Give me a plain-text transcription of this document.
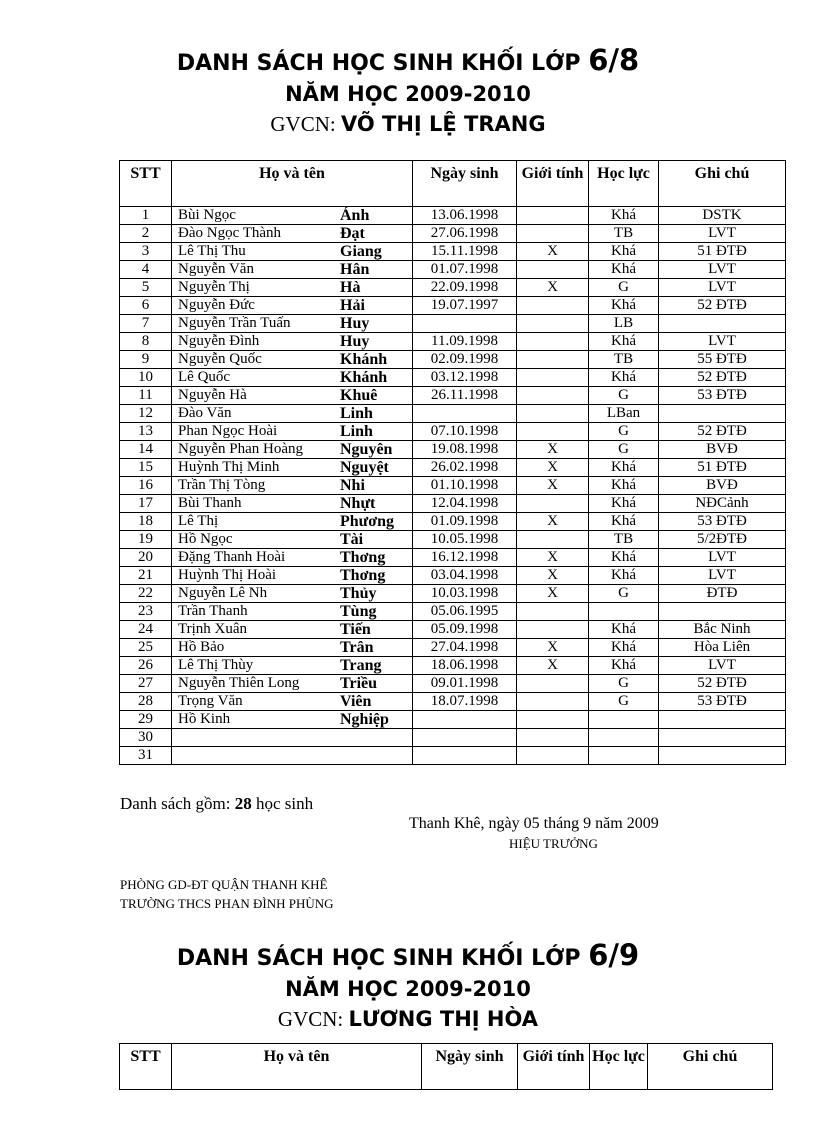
DANH SÁCH HỌC SINH KHỐI LỚP 6/8
NĂM HỌC 2009-2010
GVCN: VÕ THỊ LỆ TRANG
STT	Họ và tên	Ngày sinh	Giới tính	Học lực	Ghi chú
1	Bùi Ngọc Ánh	13.06.1998		Khá	DSTK
2	Đào Ngọc Thành Đạt	27.06.1998		TB	LVT
3	Lê Thị Thu Giang	15.11.1998	X	Khá	51 ĐTĐ
4	Nguyễn Văn Hân	01.07.1998		Khá	LVT
5	Nguyễn Thị Hà	22.09.1998	X	G	LVT
6	Nguyễn Đức Hải	19.07.1997		Khá	52 ĐTĐ
7	Nguyễn Trần Tuấn Huy			LB	
8	Nguyễn Đình Huy	11.09.1998		Khá	LVT
9	Nguyễn Quốc Khánh	02.09.1998		TB	55 ĐTĐ
10	Lê Quốc Khánh	03.12.1998		Khá	52 ĐTĐ
11	Nguyễn Hà Khuê	26.11.1998		G	53 ĐTĐ
12	Đào Văn Linh			LBan	
13	Phan Ngọc Hoài Linh	07.10.1998		G	52 ĐTĐ
14	Nguyễn Phan Hoàng Nguyên	19.08.1998	X	G	BVĐ
15	Huỳnh Thị Minh Nguyệt	26.02.1998	X	Khá	51 ĐTĐ
16	Trần Thị Tòng Nhi	01.10.1998	X	Khá	BVĐ
17	Bùi Thanh Nhựt	12.04.1998		Khá	NĐCảnh
18	Lê Thị Phương	01.09.1998	X	Khá	53 ĐTĐ
19	Hồ Ngọc Tài	10.05.1998		TB	5/2ĐTĐ
20	Đặng Thanh Hoài Thơng	16.12.1998	X	Khá	LVT
21	Huỳnh Thị Hoài Thơng	03.04.1998	X	Khá	LVT
22	Nguyễn Lê Nh Thủy	10.03.1998	X	G	ĐTĐ
23	Trần Thanh Tùng	05.06.1995			
24	Trịnh Xuân Tiến	05.09.1998		Khá	Bắc Ninh
25	Hồ Bảo Trân	27.04.1998	X	Khá	Hòa Liên
26	Lê Thị Thùy Trang	18.06.1998	X	Khá	LVT
27	Nguyễn Thiên Long Triều	09.01.1998		G	52 ĐTĐ
28	Trọng Văn Viên	18.07.1998		G	53 ĐTĐ
29	Hồ Kinh Nghiệp				

30	

31	

Danh sách gồm: 28 học sinh
Thanh Khê, ngày 05 tháng 9 năm 2009
HIỆU TRƯỞNG
PHÒNG GD-ĐT QUẬN THANH KHÊ
TRƯỜNG THCS PHAN ĐÌNH PHÙNG
DANH SÁCH HỌC SINH KHỐI LỚP 6/9
NĂM HỌC 2009-2010
GVCN: LƯƠNG THỊ HÒA
STT	Họ và tên	Ngày sinh	Giới tính	Học lực	Ghi chú
